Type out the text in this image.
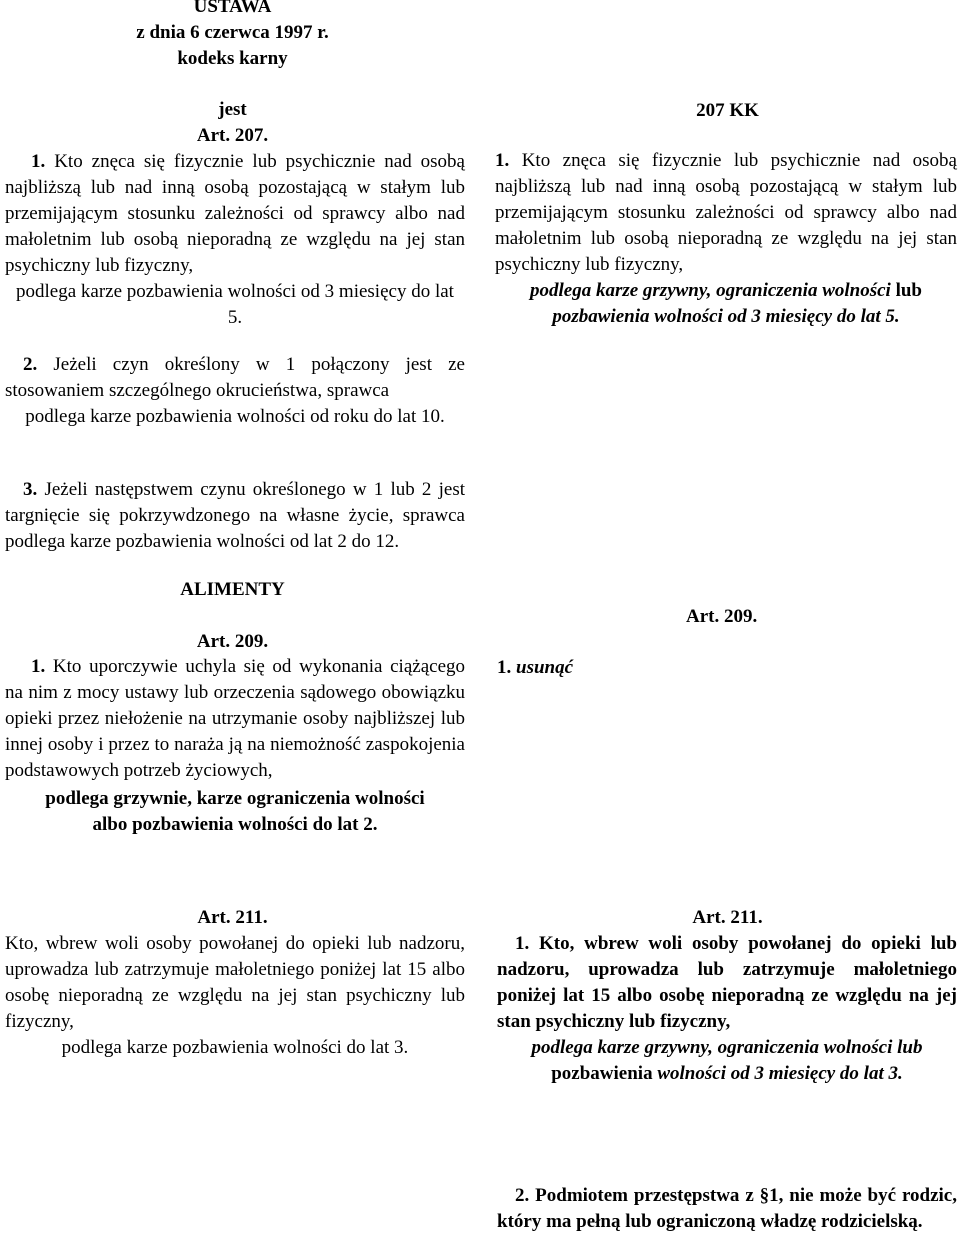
USTAWA
z dnia 6 czerwca 1997 r.
kodeks karny
jest
Art. 207.

1. Kto znęca się fizycznie lub psychicznie nad osobą najbliższą lub nad inną osobą pozostającą w stałym lub przemijającym stosunku zależności od sprawcy albo nad małoletnim lub osobą nieporadną ze względu na jej stan psychiczny lub fizyczny,

podlega karze pozbawienia wolności od 3 miesięcy do lat 5.

2. Jeżeli czyn określony w 1 połączony jest ze stosowaniem szczególnego okrucieństwa, sprawca

podlega karze pozbawienia wolności od roku do lat 10.

3. Jeżeli następstwem czynu określonego w 1 lub 2 jest targnięcie się pokrzywdzonego na własne życie, sprawca podlega karze pozbawienia wolności od lat 2 do 12.

207 KK

1. Kto znęca się fizycznie lub psychicznie nad osobą najbliższą lub nad inną osobą pozostającą w stałym lub przemijającym stosunku zależności od sprawcy albo nad małoletnim lub osobą nieporadną ze względu na jej stan psychiczny lub fizyczny,

podlega karze grzywny, ograniczenia wolności lub

pozbawienia wolności od 3 miesięcy do lat 5.

ALIMENTY
Art. 209.

1. Kto uporczywie uchyla się od wykonania ciążącego na nim z mocy ustawy lub orzeczenia sądowego obowiązku opieki przez niełożenie na utrzymanie osoby najbliższej lub innej osoby i przez to naraża ją na niemożność zaspokojenia podstawowych potrzeb życiowych,

podlega grzywnie, karze ograniczenia wolności

albo pozbawienia wolności do lat 2.

Art. 209.
1. usunąć
Art. 211.

Kto, wbrew woli osoby powołanej do opieki lub nadzoru, uprowadza lub zatrzymuje małoletniego poniżej lat 15 albo osobę nieporadną ze względu na jej stan psychiczny lub fizyczny,

podlega karze pozbawienia wolności do lat 3.

Art. 211.

1. Kto, wbrew woli osoby powołanej do opieki lub nadzoru, uprowadza lub zatrzymuje małoletniego poniżej lat 15 albo osobę nieporadną ze względu na jej stan psychiczny lub fizyczny,

podlega karze grzywny, ograniczenia wolności lub

pozbawienia wolności od 3 miesięcy do lat 3.

2. Podmiotem przestępstwa z §1, nie może być rodzic, który ma pełną lub ograniczoną władzę rodzicielską.
